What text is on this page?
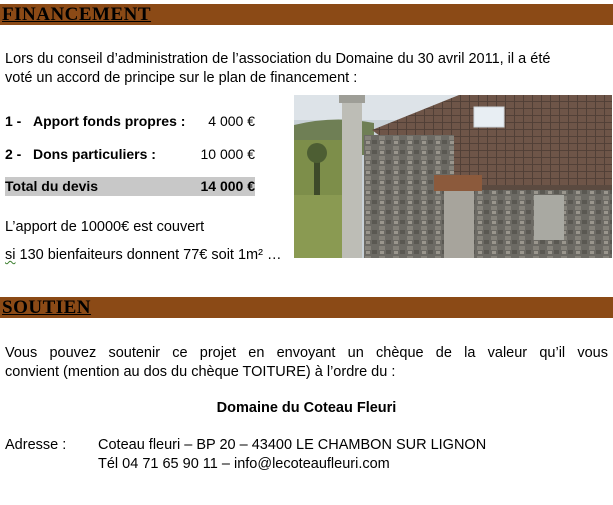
FINANCEMENT
Lors du conseil d’administration de l’association du Domaine du 30 avril 2011, il a été
voté un accord de principe sur le plan de financement :
1 - Apport fonds propres : 4 000 €
2 - Dons particuliers :	10 000 €
Total du devis	14 000 €
L’apport de 10000€ est couvert
si 130 bienfaiteurs donnent 77€ soit 1m² …
SOUTIEN
Vous pouvez soutenir ce projet en envoyant un chèque de la valeur qu’il vous
convient (mention au dos du chèque TOITURE) à l’ordre du :
Domaine du Coteau Fleuri
Adresse : Coteau fleuri – BP 20 – 43400 LE CHAMBON SUR LIGNON
Tél 04 71 65 90 11 – info@lecoteaufleuri.com
